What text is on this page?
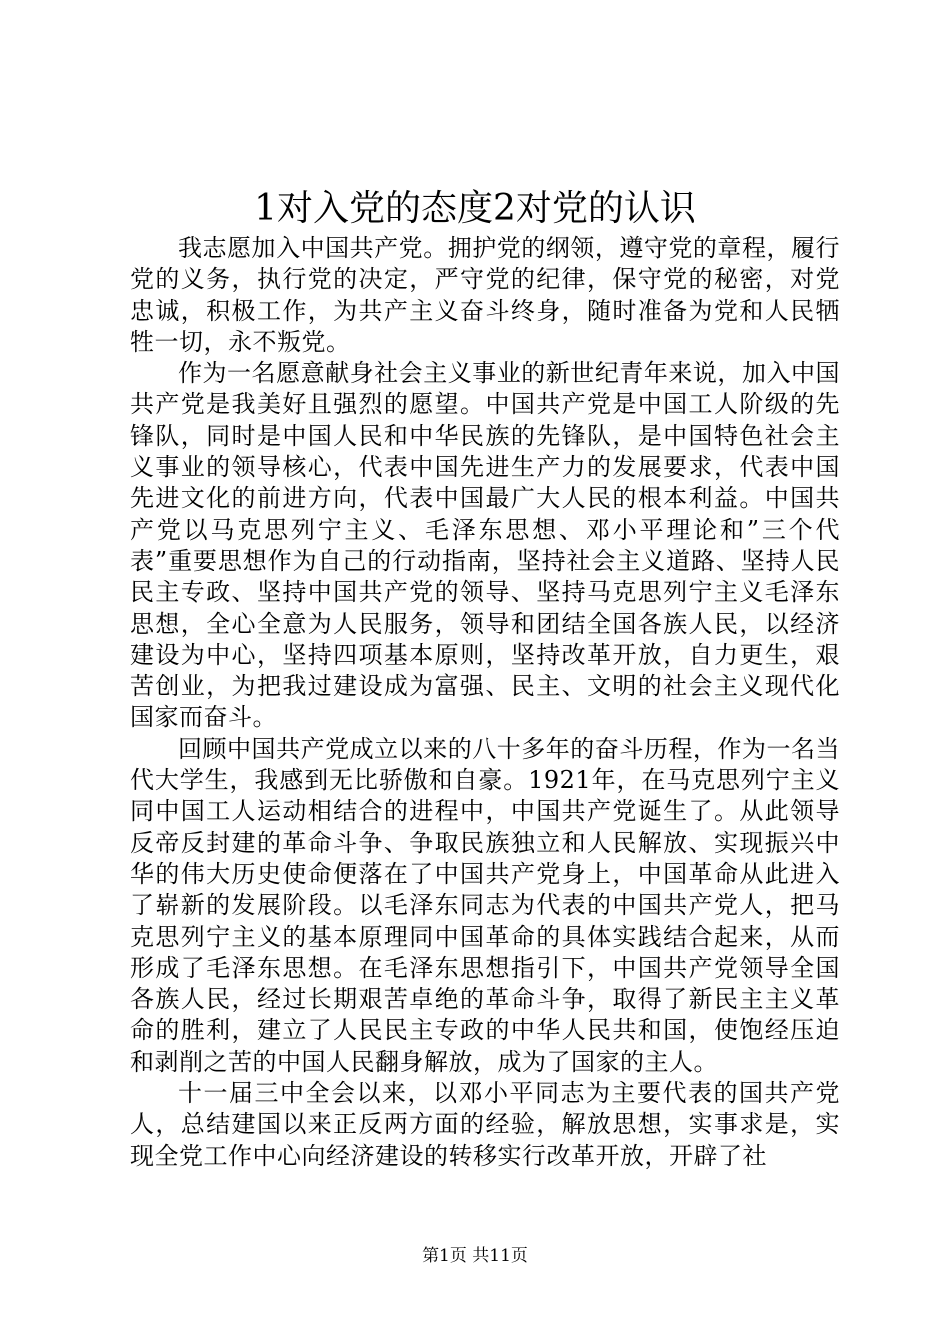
1对入党的态度2对党的认识

我志愿加入中国共产党。拥护党的纲领，遵守党的章程，履行党的义务，执行党的决定，严守党的纪律，保守党的秘密，对党忠诚，积极工作，为共产主义奋斗终身，随时准备为党和人民牺牲一切，永不叛党。

作为一名愿意献身社会主义事业的新世纪青年来说，加入中国共产党是我美好且强烈的愿望。中国共产党是中国工人阶级的先锋队，同时是中国人民和中华民族的先锋队，是中国特色社会主义事业的领导核心，代表中国先进生产力的发展要求，代表中国先进文化的前进方向，代表中国最广大人民的根本利益。中国共产党以马克思列宁主义、毛泽东思想、邓小平理论和”三个代表”重要思想作为自己的行动指南，坚持社会主义道路、坚持人民民主专政、坚持中国共产党的领导、坚持马克思列宁主义毛泽东思想，全心全意为人民服务，领导和团结全国各族人民，以经济建设为中心，坚持四项基本原则，坚持改革开放，自力更生，艰苦创业，为把我过建设成为富强、民主、文明的社会主义现代化国家而奋斗。

回顾中国共产党成立以来的八十多年的奋斗历程，作为一名当代大学生，我感到无比骄傲和自豪。1921年，在马克思列宁主义同中国工人运动相结合的进程中，中国共产党诞生了。从此领导反帝反封建的革命斗争、争取民族独立和人民解放、实现振兴中华的伟大历史使命便落在了中国共产党身上，中国革命从此进入了崭新的发展阶段。以毛泽东同志为代表的中国共产党人，把马克思列宁主义的基本原理同中国革命的具体实践结合起来，从而形成了毛泽东思想。在毛泽东思想指引下，中国共产党领导全国各族人民，经过长期艰苦卓绝的革命斗争，取得了新民主主义革命的胜利，建立了人民民主专政的中华人民共和国，使饱经压迫和剥削之苦的中国人民翻身解放，成为了国家的主人。

十一届三中全会以来，以邓小平同志为主要代表的国共产党人，总结建国以来正反两方面的经验，解放思想，实事求是，实现全党工作中心向经济建设的转移实行改革开放，开辟了社

第1页 共11页
